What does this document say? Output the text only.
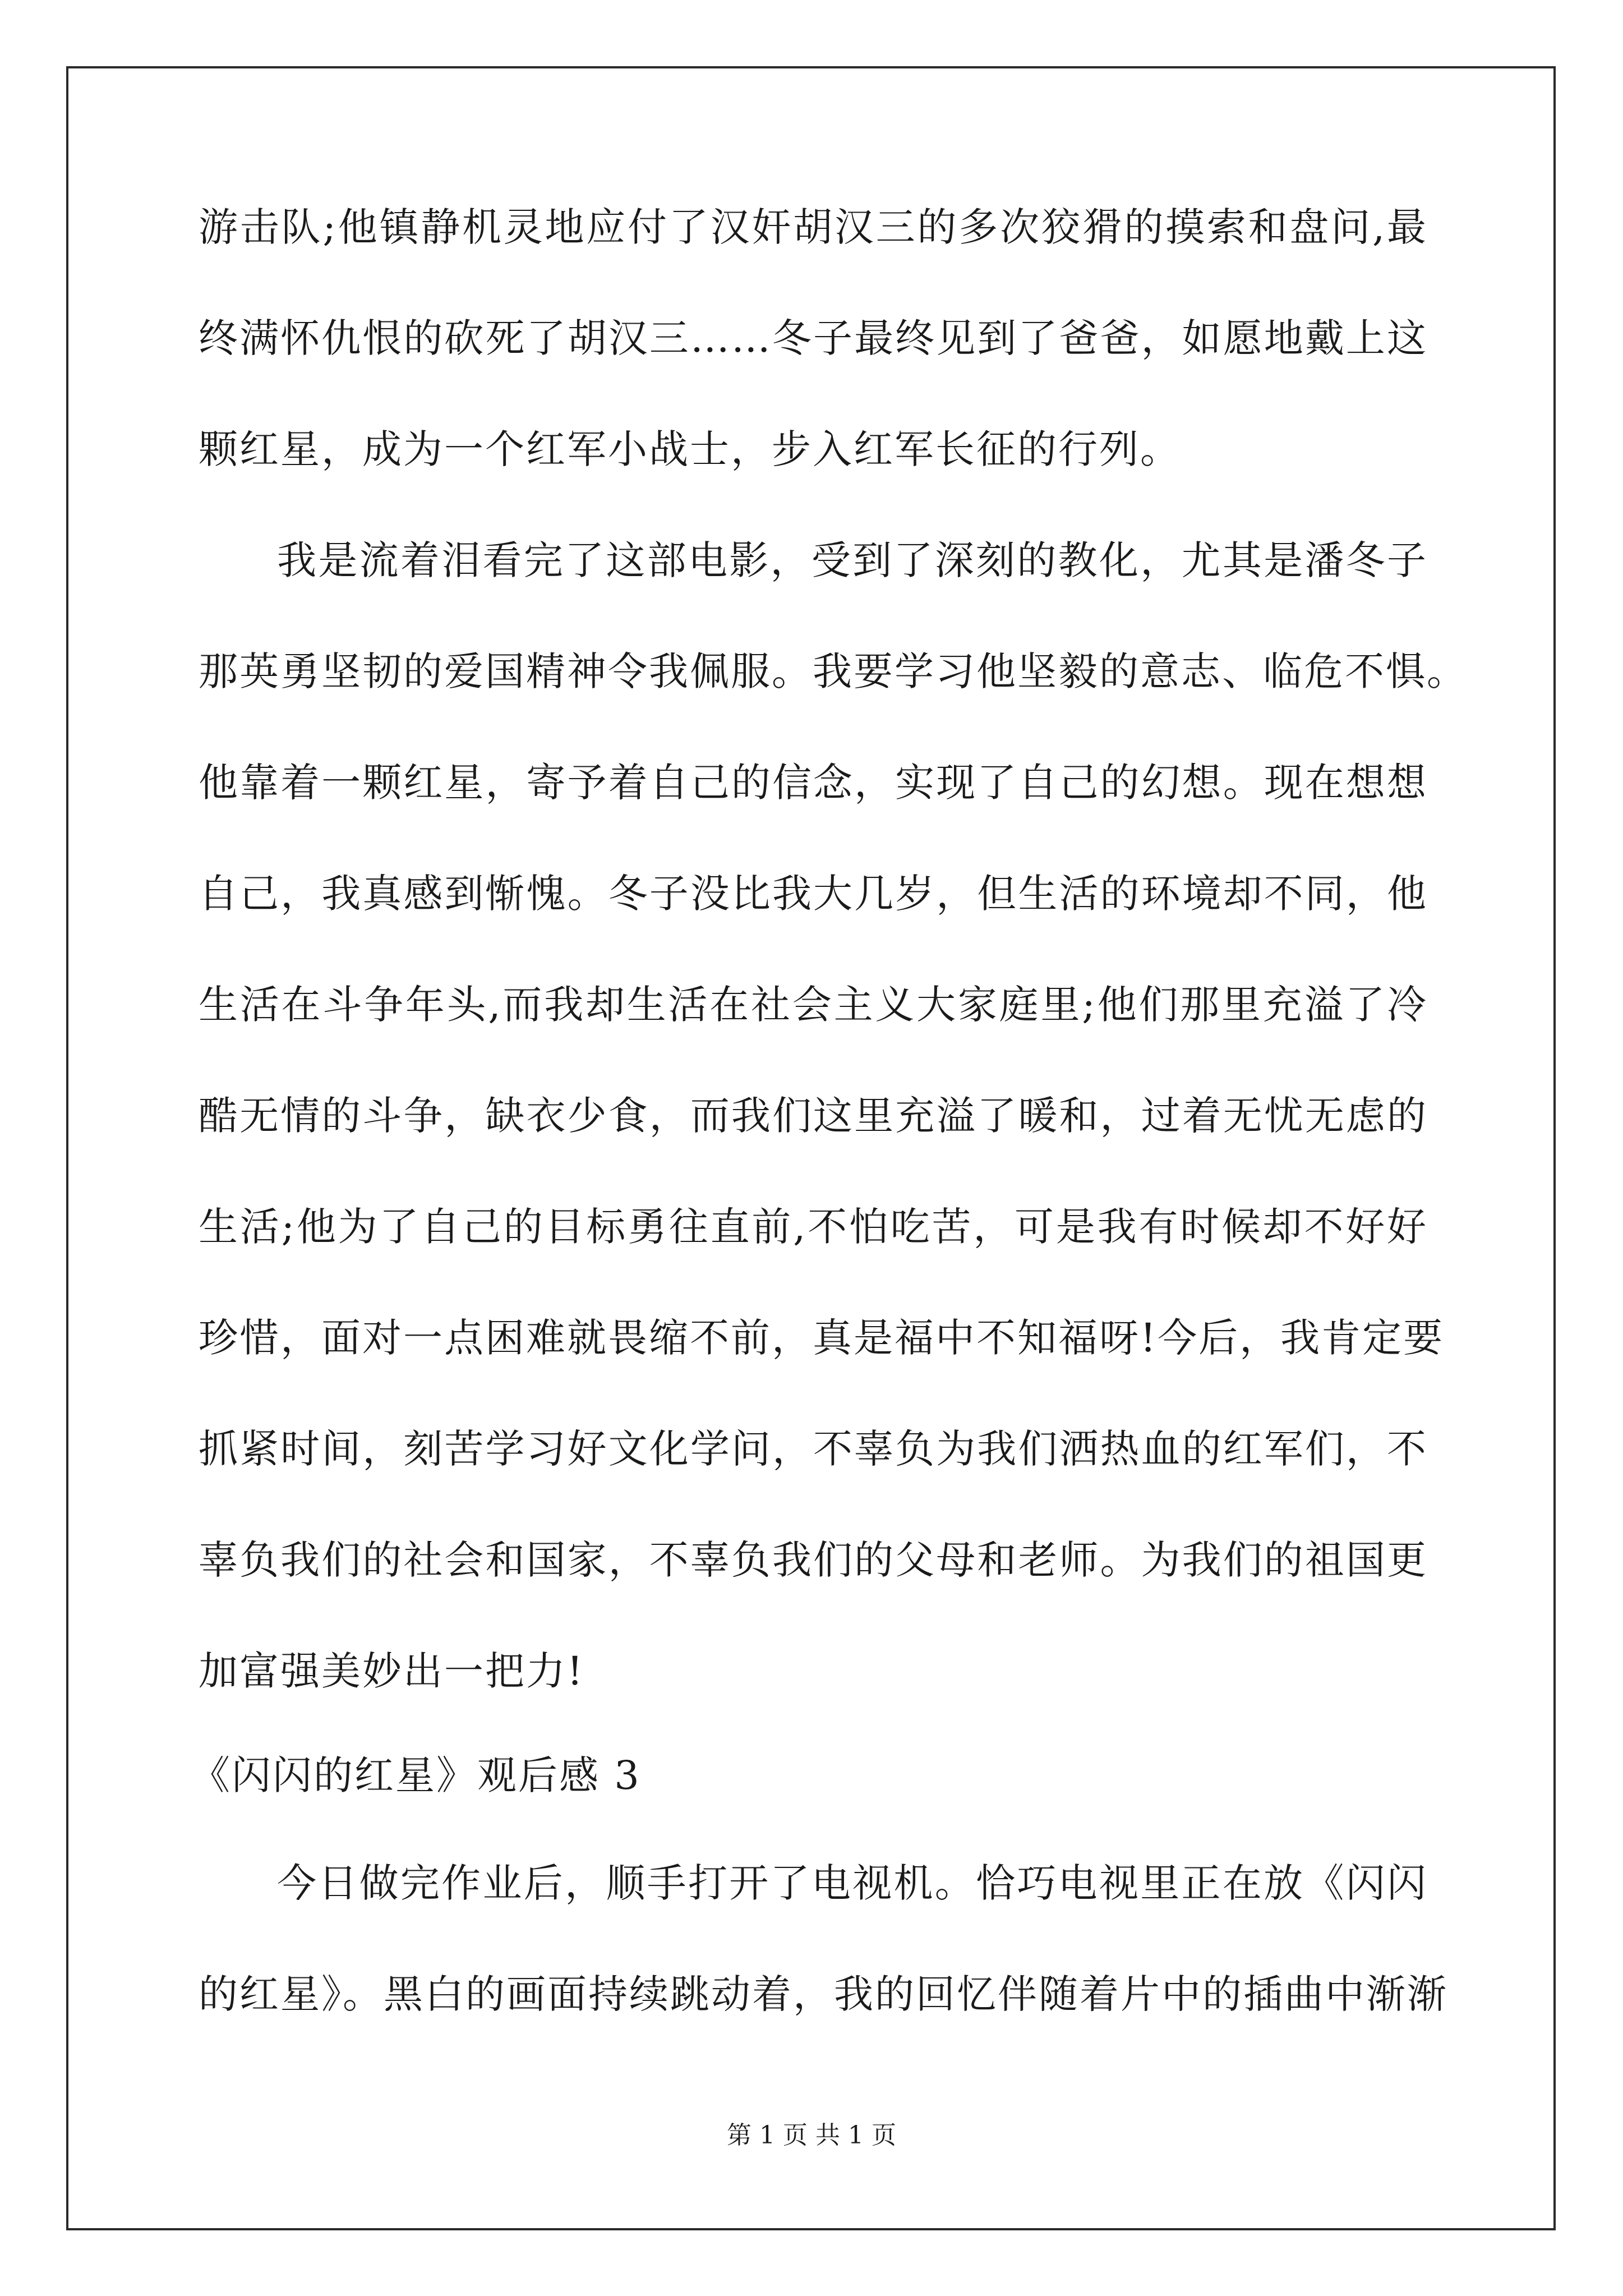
游击队;他镇静机灵地应付了汉奸胡汉三的多次狡猾的摸索和盘问,最
终满怀仇恨的砍死了胡汉三……冬子最终见到了爸爸，如愿地戴上这
颗红星，成为一个红军小战士，步入红军长征的行列。
我是流着泪看完了这部电影，受到了深刻的教化，尤其是潘冬子
那英勇坚韧的爱国精神令我佩服。我要学习他坚毅的意志、临危不惧。
他靠着一颗红星，寄予着自己的信念，实现了自己的幻想。现在想想
自己，我真感到惭愧。冬子没比我大几岁，但生活的环境却不同，他
生活在斗争年头,而我却生活在社会主义大家庭里;他们那里充溢了冷
酷无情的斗争，缺衣少食，而我们这里充溢了暖和，过着无忧无虑的
生活;他为了自己的目标勇往直前,不怕吃苦，可是我有时候却不好好
珍惜，面对一点困难就畏缩不前，真是福中不知福呀!今后，我肯定要
抓紧时间，刻苦学习好文化学问，不辜负为我们洒热血的红军们，不
辜负我们的社会和国家，不辜负我们的父母和老师。为我们的祖国更
加富强美妙出一把力!
《闪闪的红星》观后感 3
今日做完作业后，顺手打开了电视机。恰巧电视里正在放《闪闪
的红星》。黑白的画面持续跳动着，我的回忆伴随着片中的插曲中渐渐
第 1 页 共 1 页
